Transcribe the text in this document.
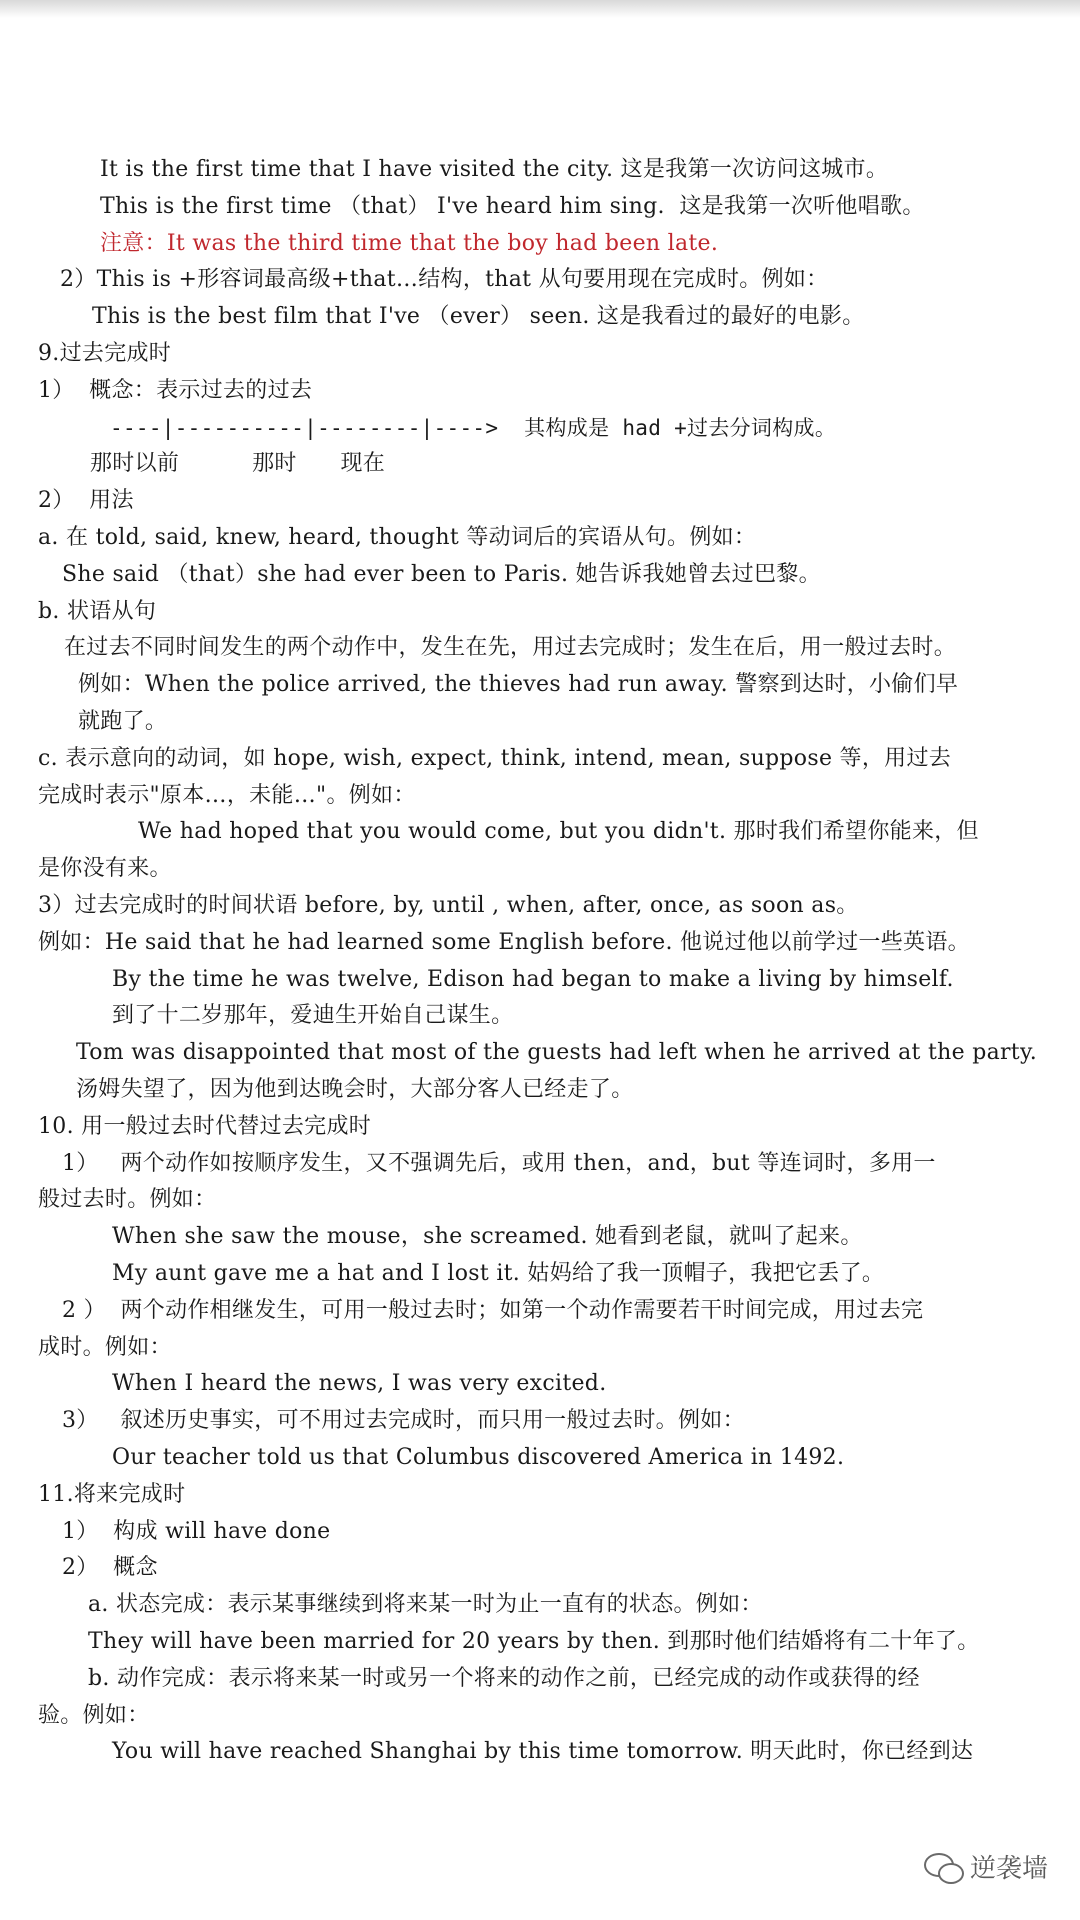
It is the first time that I have visited the city. 这是我第一次访问这城市。
This is the first time （that） I've heard him sing.  这是我第一次听他唱歌。
注意：It was the third time that the boy had been late.
2）This is +形容词最高级+that…结构，that 从句要用现在完成时。例如：
This is the best film that I've （ever） seen. 这是我看过的最好的电影。
9.过去完成时
1）  概念：表示过去的过去
----|----------|--------|---->  其构成是 had +过去分词构成。
那时以前          那时      现在
2）  用法
a. 在 told, said, knew, heard, thought 等动词后的宾语从句。例如：
She said （that）she had ever been to Paris. 她告诉我她曾去过巴黎。
b. 状语从句
在过去不同时间发生的两个动作中，发生在先，用过去完成时；发生在后，用一般过去时。
例如：When the police arrived, the thieves had run away. 警察到达时，小偷们早
就跑了。
c. 表示意向的动词，如 hope, wish, expect, think, intend, mean, suppose 等，用过去
完成时表示"原本…，未能…"。例如：
We had hoped that you would come, but you didn't. 那时我们希望你能来，但
是你没有来。
3）过去完成时的时间状语 before, by, until , when, after, once, as soon as。
例如：He said that he had learned some English before. 他说过他以前学过一些英语。
By the time he was twelve, Edison had began to make a living by himself.
到了十二岁那年，爱迪生开始自己谋生。
Tom was disappointed that most of the guests had left when he arrived at the party.
汤姆失望了，因为他到达晚会时，大部分客人已经走了。
10. 用一般过去时代替过去完成时
1）   两个动作如按顺序发生，又不强调先后，或用 then，and，but 等连词时，多用一
般过去时。例如：
When she saw the mouse，she screamed. 她看到老鼠，就叫了起来。
My aunt gave me a hat and I lost it. 姑妈给了我一顶帽子，我把它丢了。
2 ）  两个动作相继发生，可用一般过去时；如第一个动作需要若干时间完成，用过去完
成时。例如：
When I heard the news, I was very excited.
3）   叙述历史事实，可不用过去完成时，而只用一般过去时。例如：
Our teacher told us that Columbus discovered America in 1492.
11.将来完成时
1）  构成 will have done
2）  概念
a. 状态完成：表示某事继续到将来某一时为止一直有的状态。例如：
They will have been married for 20 years by then. 到那时他们结婚将有二十年了。
b. 动作完成：表示将来某一时或另一个将来的动作之前，已经完成的动作或获得的经
验。例如：
You will have reached Shanghai by this time tomorrow. 明天此时，你已经到达
逆袭墙
